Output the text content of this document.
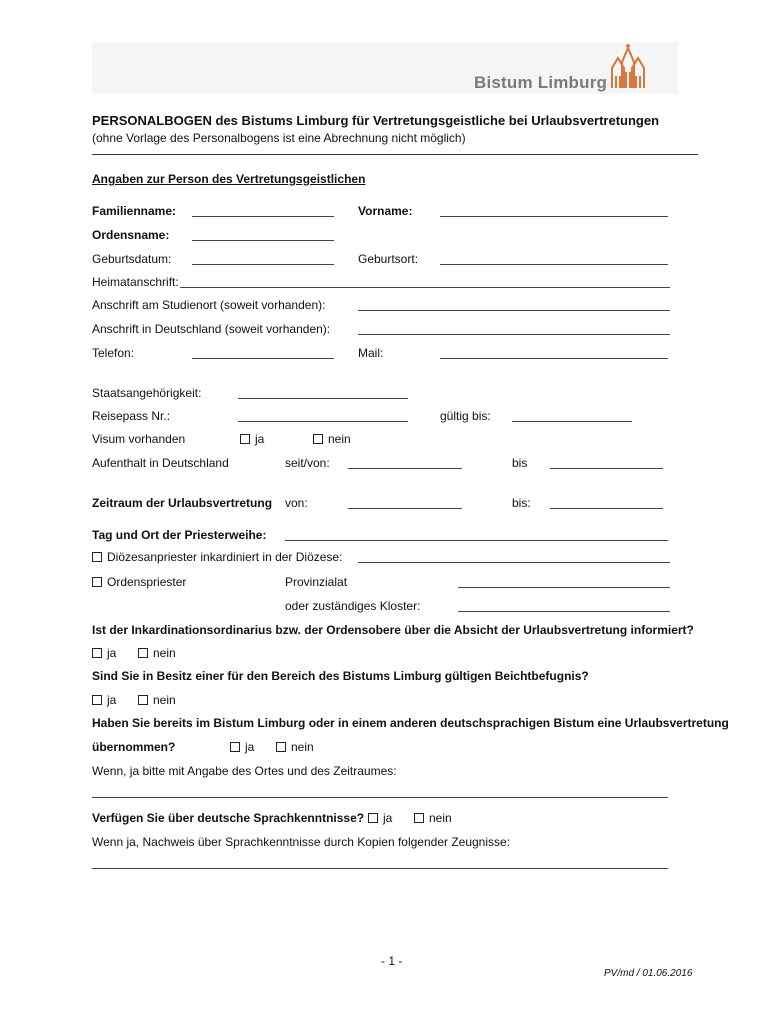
Bistum Limburg
PERSONALBOGEN des Bistums Limburg für Vertretungsgeistliche bei Urlaubsvertretungen
(ohne Vorlage des Personalbogens ist eine Abrechnung nicht möglich)
Angaben zur Person des Vertretungsgeistlichen
Familienname:	Vorname:
Ordensname:
Geburtsdatum:	Geburtsort:
Heimatanschrift:
Anschrift am Studienort (soweit vorhanden):
Anschrift in Deutschland (soweit vorhanden):
Telefon:	Mail:
Staatsangehörigkeit:
Reisepass Nr.:	gültig bis:
Visum vorhanden	ja	nein
Aufenthalt in Deutschland	seit/von:	bis
Zeitraum der Urlaubsvertretung von:	bis:
Tag und Ort der Priesterweihe:
Diözesanpriester inkardiniert in der Diözese:
Ordenspriester	Provinzialat
oder zuständiges Kloster:
Ist der Inkardinationsordinarius bzw. der Ordensobere über die Absicht der Urlaubsvertretung informiert?
ja	nein
Sind Sie in Besitz einer für den Bereich des Bistums Limburg gültigen Beichtbefugnis?
ja	nein
Haben Sie bereits im Bistum Limburg oder in einem anderen deutschsprachigen Bistum eine Urlaubsvertretung
übernommen?	ja	nein
Wenn, ja bitte mit Angabe des Ortes und des Zeitraumes:
Verfügen Sie über deutsche Sprachkenntnisse?	ja	nein
Wenn ja, Nachweis über Sprachkenntnisse durch Kopien folgender Zeugnisse:
- 1 -
PV/md / 01.06.2016
